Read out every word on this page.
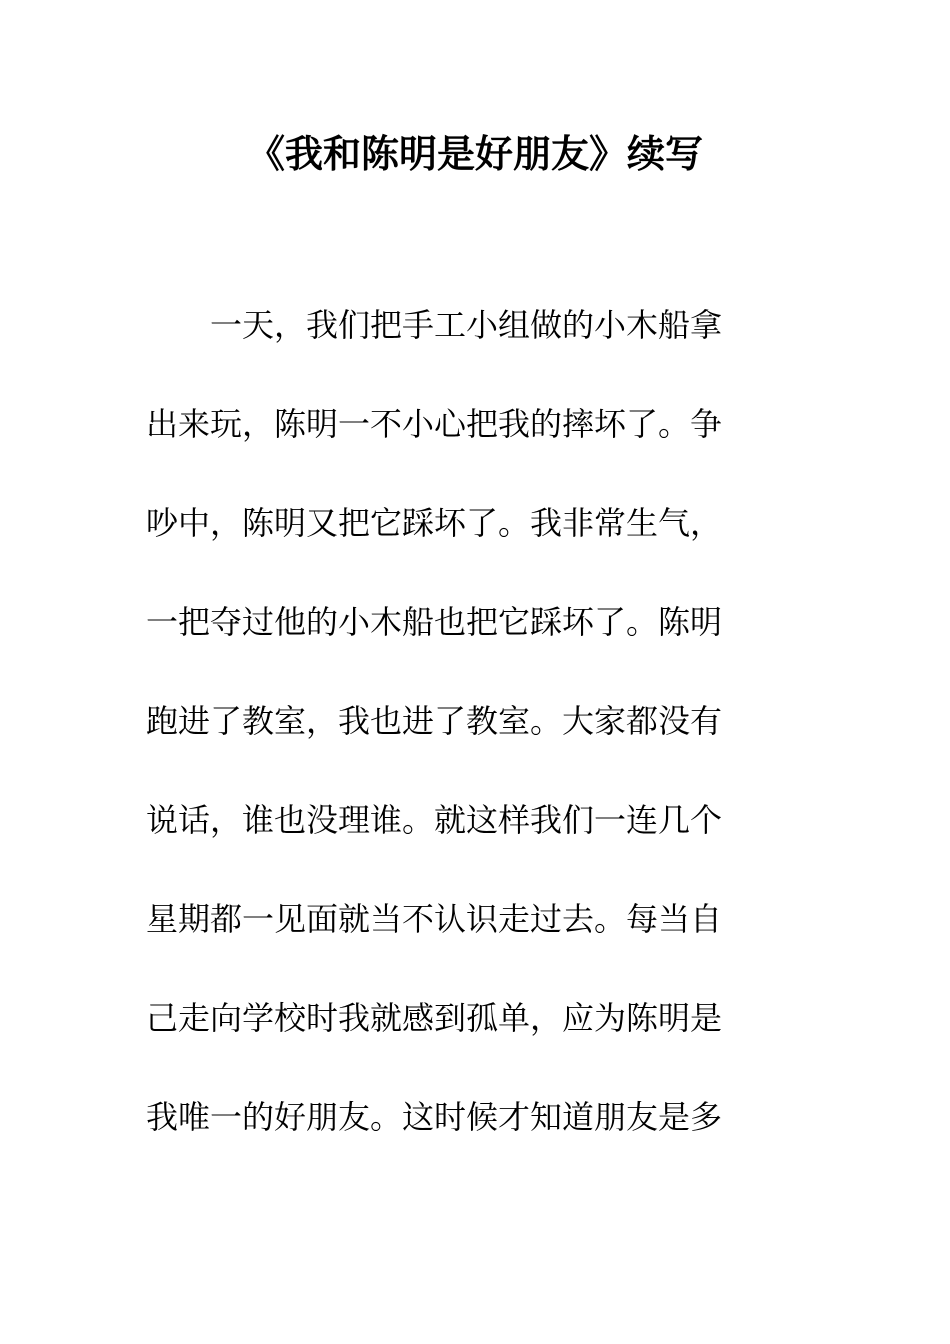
《我和陈明是好朋友》续写
　　一天，我们把手工小组做的小木船拿
出来玩，陈明一不小心把我的摔坏了。争
吵中，陈明又把它踩坏了。我非常生气，
一把夺过他的小木船也把它踩坏了。陈明
跑进了教室，我也进了教室。大家都没有
说话，谁也没理谁。就这样我们一连几个
星期都一见面就当不认识走过去。每当自
己走向学校时我就感到孤单，应为陈明是
我唯一的好朋友。这时候才知道朋友是多
